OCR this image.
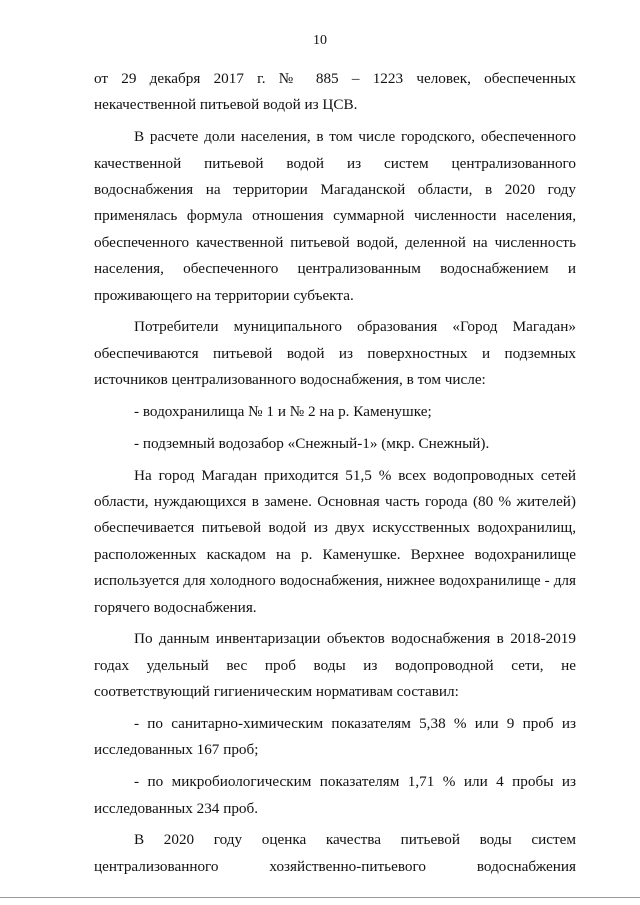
10

от 29 декабря 2017 г. № 885 – 1223 человек, обеспеченных некачественной питьевой водой из ЦСВ.

В расчете доли населения, в том числе городского, обеспеченного качественной питьевой водой из систем централизованного водоснабжения на территории Магаданской области, в 2020 году применялась формула отношения суммарной численности населения, обеспеченного качественной питьевой водой, деленной на численность населения, обеспеченного централизованным водоснабжением и проживающего на территории субъекта.

Потребители муниципального образования «Город Магадан» обеспечиваются питьевой водой из поверхностных и подземных источников централизованного водоснабжения, в том числе:

- водохранилища № 1 и № 2 на р. Каменушке;

- подземный водозабор «Снежный-1» (мкр. Снежный).

На город Магадан приходится 51,5 % всех водопроводных сетей области, нуждающихся в замене. Основная часть города (80 % жителей) обеспечивается питьевой водой из двух искусственных водохранилищ, расположенных каскадом на р. Каменушке. Верхнее водохранилище используется для холодного водоснабжения, нижнее водохранилище - для горячего водоснабжения.

По данным инвентаризации объектов водоснабжения в 2018-2019 годах удельный вес проб воды из водопроводной сети, не соответствующий гигиеническим нормативам составил:

- по санитарно-химическим показателям 5,38 % или 9 проб из исследованных 167 проб;

- по микробиологическим показателям 1,71 % или 4 пробы из исследованных 234 проб.

В 2020 году оценка качества питьевой воды систем централизованного хозяйственно-питьевого водоснабжения
